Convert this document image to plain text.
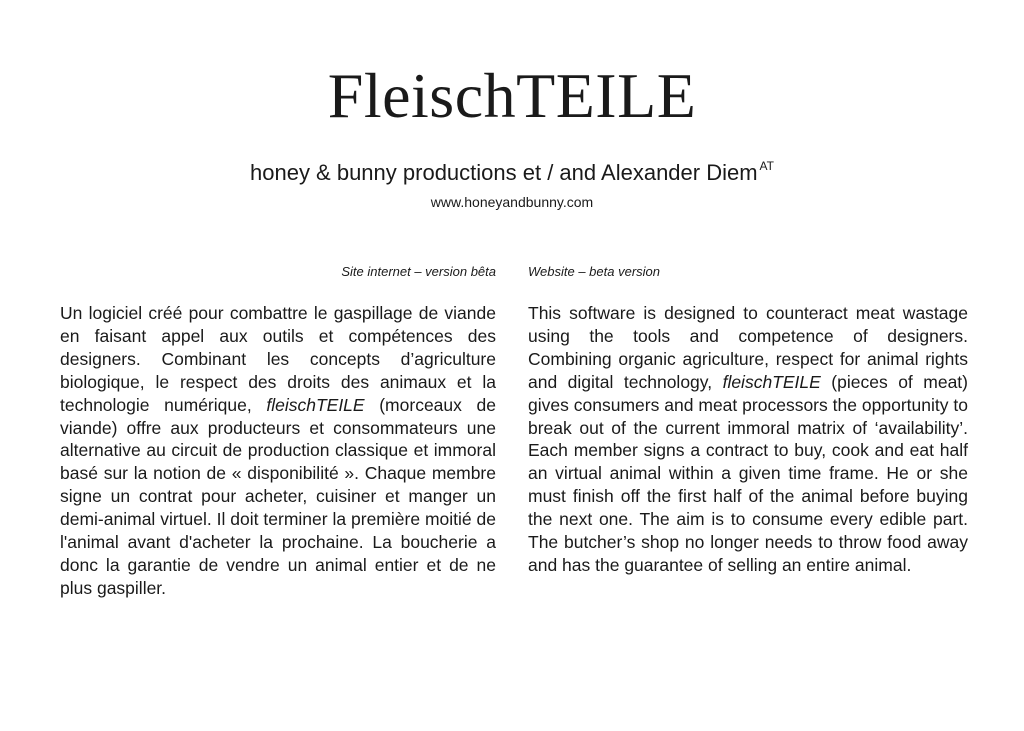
FleischTEILE
honey & bunny productions et / and Alexander Diem $^{AT}$
www.honeyandbunny.com
Site internet – version bêta Website – beta version

Un logiciel créé pour combattre le gaspillage de viande en faisant appel aux outils et compétences des designers. Combinant les concepts d’agriculture biologique, le respect des droits des animaux et la technologie numérique, fleischTEILE (morceaux de viande) offre aux producteurs et consommateurs une alternative au circuit de production classique et immoral basé sur la notion de « disponibilité ». Chaque membre signe un contrat pour acheter, cuisiner et manger un demi-animal virtuel. Il doit terminer la première moitié de l'animal avant d'acheter la prochaine. La boucherie a donc la garantie de vendre un animal entier et de ne plus gaspiller.

This software is designed to counteract meat wastage using the tools and competence of designers. Combining organic agriculture, respect for animal rights and digital technology, fleischTEILE (pieces of meat) gives consumers and meat processors the opportunity to break out of the current immoral matrix of ‘availability’. Each member signs a contract to buy, cook and eat half an virtual animal within a given time frame. He or she must finish off the first half of the animal before buying the next one. The aim is to consume every edible part. The butcher’s shop no longer needs to throw food away and has the guarantee of selling an entire animal.
